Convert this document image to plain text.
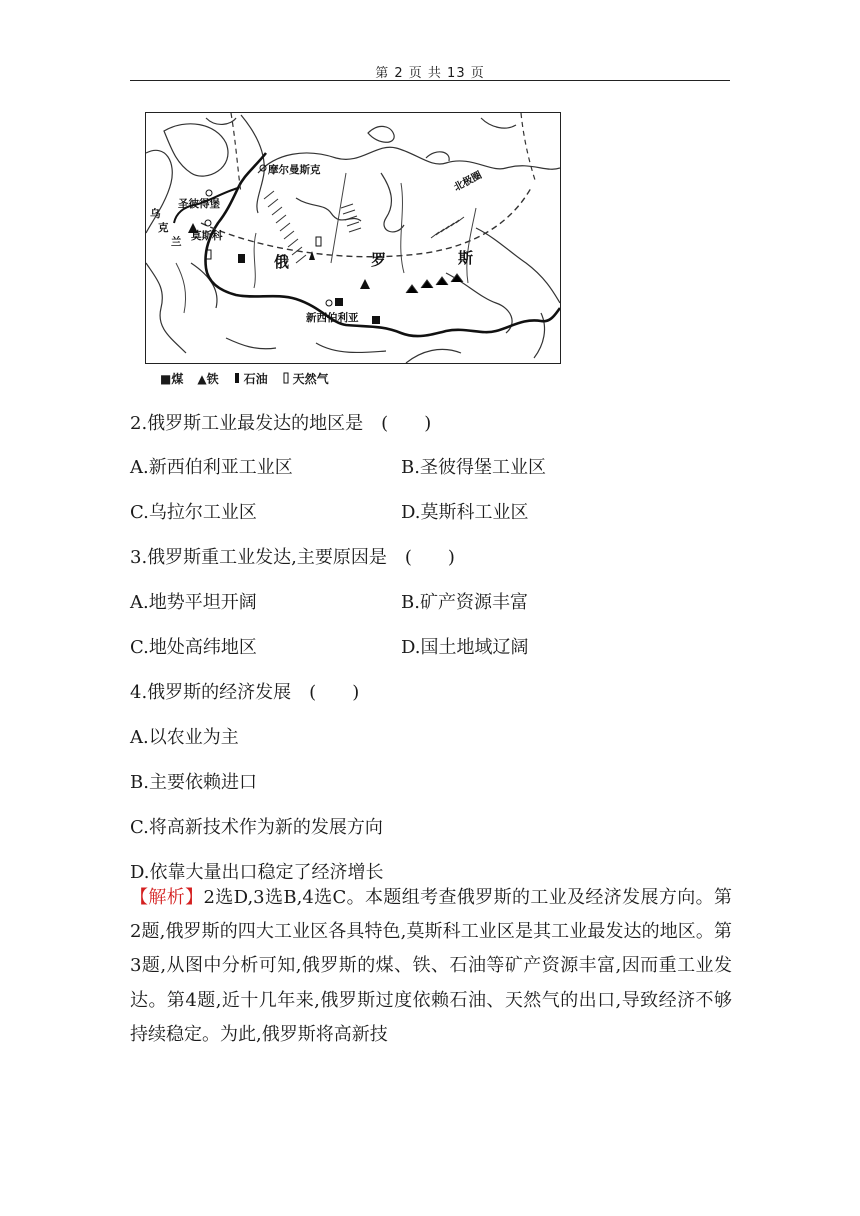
第 2 页 共 13 页
摩尔曼斯克
圣彼得堡
莫斯科
乌
克
兰
新西伯利亚
北极圈
俄	罗	斯
■煤 ▲铁 石油 天然气
2.俄罗斯工业最发达的地区是　(　　)
A.新西伯利亚工业区	B.圣彼得堡工业区
C.乌拉尔工业区	D.莫斯科工业区
3.俄罗斯重工业发达,主要原因是　(　　)
A.地势平坦开阔	B.矿产资源丰富
C.地处高纬地区	D.国土地域辽阔
4.俄罗斯的经济发展　(　　)
A.以农业为主
B.主要依赖进口
C.将高新技术作为新的发展方向
D.依靠大量出口稳定了经济增长
【解析】2选D,3选B,4选C。本题组考查俄罗斯的工业及经济发展方向。第2题,俄罗斯的四大工业区各具特色,莫斯科工业区是其工业最发达的地区。第3题,从图中分析可知,俄罗斯的煤、铁、石油等矿产资源丰富,因而重工业发达。第4题,近十几年来,俄罗斯过度依赖石油、天然气的出口,导致经济不够持续稳定。为此,俄罗斯将高新技
